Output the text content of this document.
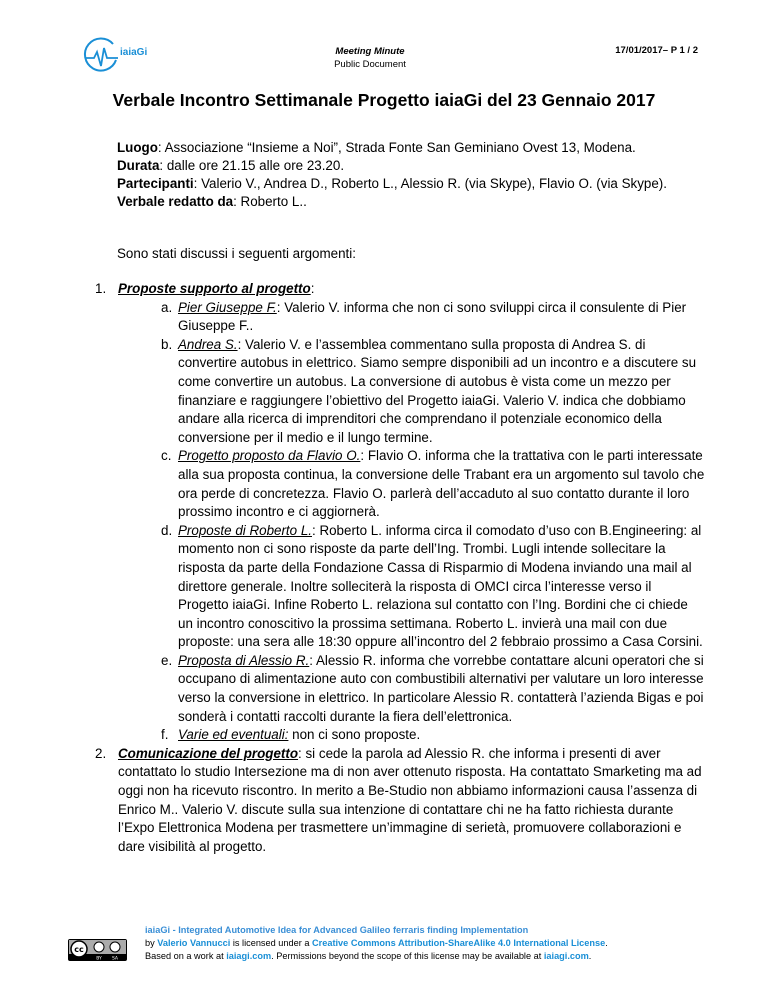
iaiaGi	Meeting Minute
Public Document
17/01/2017– P 1 / 2
Verbale Incontro Settimanale Progetto iaiaGi del 23 Gennaio 2017
Luogo: Associazione “Insieme a Noi”, Strada Fonte San Geminiano Ovest 13, Modena.
Durata: dalle ore 21.15 alle ore 23.20.
Partecipanti: Valerio V., Andrea D., Roberto L., Alessio R. (via Skype), Flavio O. (via Skype).
Verbale redatto da: Roberto L..
Sono stati discussi i seguenti argomenti:
1. Proposte supporto al progetto:
a. Pier Giuseppe F.: Valerio V. informa che non ci sono sviluppi circa il consulente di Pier Giuseppe F..
b. Andrea S.: Valerio V. e l’assemblea commentano sulla proposta di Andrea S. di convertire autobus in elettrico. Siamo sempre disponibili ad un incontro e a discutere su come convertire un autobus. La conversione di autobus è vista come un mezzo per finanziare e raggiungere l’obiettivo del Progetto iaiaGi. Valerio V. indica che dobbiamo andare alla ricerca di imprenditori che comprendano il potenziale economico della conversione per il medio e il lungo termine.
c. Progetto proposto da Flavio O.: Flavio O. informa che la trattativa con le parti interessate alla sua proposta continua, la conversione delle Trabant era un argomento sul tavolo che ora perde di concretezza. Flavio O. parlerà dell’accaduto al suo contatto durante il loro prossimo incontro e ci aggiornerà.
d. Proposte di Roberto L.: Roberto L. informa circa il comodato d’uso con B.Engineering: al momento non ci sono risposte da parte dell’Ing. Trombi. Lugli intende sollecitare la risposta da parte della Fondazione Cassa di Risparmio di Modena inviando una mail al direttore generale. Inoltre solleciterà la risposta di OMCI circa l’interesse verso il Progetto iaiaGi. Infine Roberto L. relaziona sul contatto con l’Ing. Bordini che ci chiede un incontro conoscitivo la prossima settimana. Roberto L. invierà una mail con due proposte: una sera alle 18:30 oppure all’incontro del 2 febbraio prossimo a Casa Corsini.
e. Proposta di Alessio R.: Alessio R. informa che vorrebbe contattare alcuni operatori che si occupano di alimentazione auto con combustibili alternativi per valutare un loro interesse verso la conversione in elettrico. In particolare Alessio R. contatterà l’azienda Bigas e poi sonderà i contatti raccolti durante la fiera dell’elettronica.
f. Varie ed eventuali: non ci sono proposte.
2. Comunicazione del progetto: si cede la parola ad Alessio R. che informa i presenti di aver contattato lo studio Intersezione ma di non aver ottenuto risposta. Ha contattato Smarketing ma ad oggi non ha ricevuto riscontro. In merito a Be-Studio non abbiamo informazioni causa l’assenza di Enrico M.. Valerio V. discute sulla sua intenzione di contattare chi ne ha fatto richiesta durante l’Expo Elettronica Modena per trasmettere un’immagine di serietà, promuovere collaborazioni e dare visibilità al progetto.
cc
BY SA
iaiaGi - Integrated Automotive Idea for Advanced Galileo ferraris finding Implementation
by Valerio Vannucci is licensed under a Creative Commons Attribution-ShareAlike 4.0 International License.
Based on a work at iaiagi.com. Permissions beyond the scope of this license may be available at iaiagi.com.
